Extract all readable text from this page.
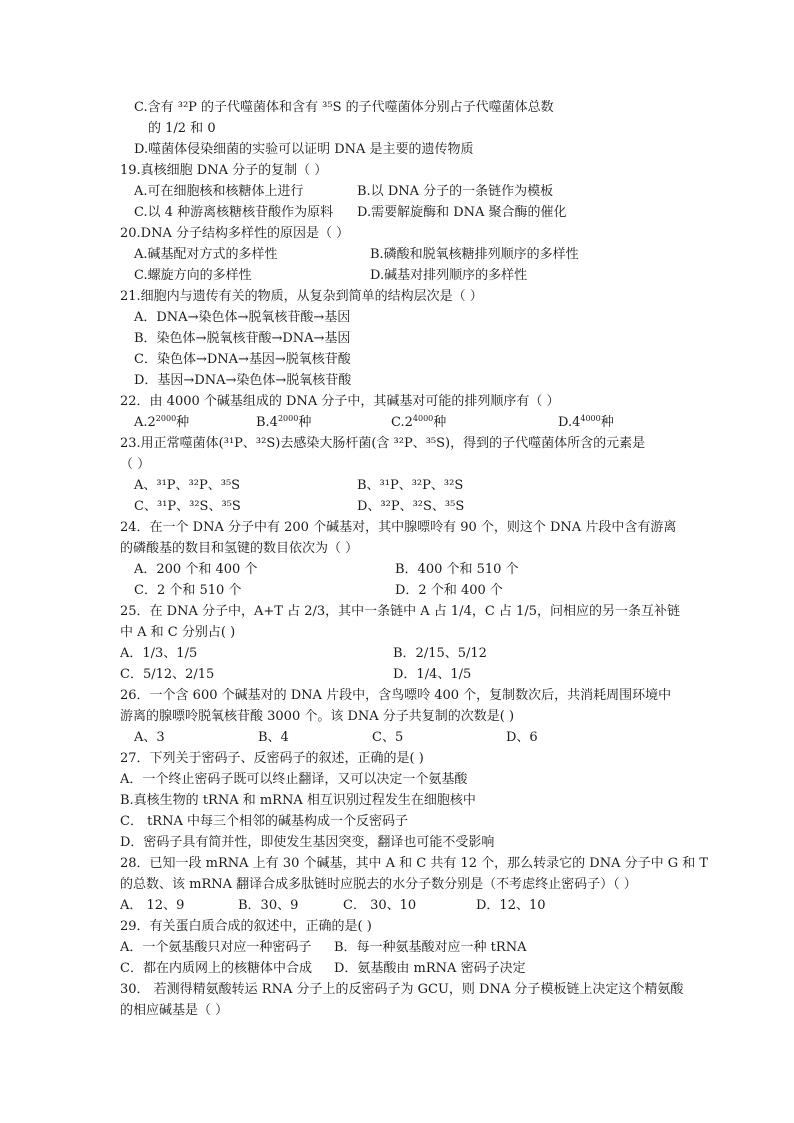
C.含有 ³²P 的子代噬菌体和含有 ³⁵S 的子代噬菌体分别占子代噬菌体总数
的 1/2 和 0
D.噬菌体侵染细菌的实验可以证明 DNA 是主要的遗传物质
19.真核细胞 DNA 分子的复制（ ）
A.可在细胞核和核糖体上进行	B.以 DNA 分子的一条链作为模板
C.以 4 种游离核糖核苷酸作为原料 D.需要解旋酶和 DNA 聚合酶的催化
20.DNA 分子结构多样性的原因是（ ）
A.碱基配对方式的多样性	B.磷酸和脱氧核糖排列顺序的多样性
C.螺旋方向的多样性	D.碱基对排列顺序的多样性
21.细胞内与遗传有关的物质，从复杂到简单的结构层次是（ ）
A．DNA→染色体→脱氧核苷酸→基因
B．染色体→脱氧核苷酸→DNA→基因
C．染色体→DNA→基因→脱氧核苷酸
D．基因→DNA→染色体→脱氧核苷酸
22．由 4000 个碱基组成的 DNA 分子中，其碱基对可能的排列顺序有（ ）
$A.2^{2000}$种	$B.4^{2000}$种	$C.2^{4000}$种	$D.4^{4000}$种
23.用正常噬菌体(³¹P、³²S)去感染大肠杆菌(含 ³²P、³⁵S)，得到的子代噬菌体所含的元素是
（ ）
A、³¹P、³²P、³⁵S	B、³¹P、³²P、³²S
C、³¹P、³²S、³⁵S	D、³²P、³²S、³⁵S
24．在一个 DNA 分子中有 200 个碱基对，其中腺嘌呤有 90 个，则这个 DNA 片段中含有游离
的磷酸基的数目和氢键的数目依次为（ ）
A．200 个和 400 个	B．400 个和 510 个
C．2 个和 510 个	D．2 个和 400 个
25．在 DNA 分子中，A+T 占 2/3，其中一条链中 A 占 1/4，C 占 1/5，问相应的另一条互补链
中 A 和 C 分别占( )
A．1/3、1/5	B．2/15、5/12
C．5/12、2/15	D．1/4、1/5
26．一个含 600 个碱基对的 DNA 片段中，含鸟嘌呤 400 个，复制数次后，共消耗周围环境中
游离的腺嘌呤脱氧核苷酸 3000 个。该 DNA 分子共复制的次数是( )
A、3	B、4	C、5	D、6
27．下列关于密码子、反密码子的叙述，正确的是( )
A．一个终止密码子既可以终止翻译，又可以决定一个氨基酸
B.真核生物的 tRNA 和 mRNA 相互识别过程发生在细胞核中
C． tRNA 中每三个相邻的碱基构成一个反密码子
D．密码子具有简并性，即使发生基因突变，翻译也可能不受影响
28．已知一段 mRNA 上有 30 个碱基，其中 A 和 C 共有 12 个，那么转录它的 DNA 分子中 G 和 T
的总数、该 mRNA 翻译合成多肽链时应脱去的水分子数分别是（不考虑终止密码子）（ ）
A． 12、9	B．30、9	C． 30、10	D．12、10
29．有关蛋白质合成的叙述中，正确的是( )
A．一个氨基酸只对应一种密码子 B．每一种氨基酸对应一种 tRNA
C．都在内质网上的核糖体中合成 D．氨基酸由 mRNA 密码子决定
30． 若测得精氨酸转运 RNA 分子上的反密码子为 GCU，则 DNA 分子模板链上决定这个精氨酸
的相应碱基是（ ）
